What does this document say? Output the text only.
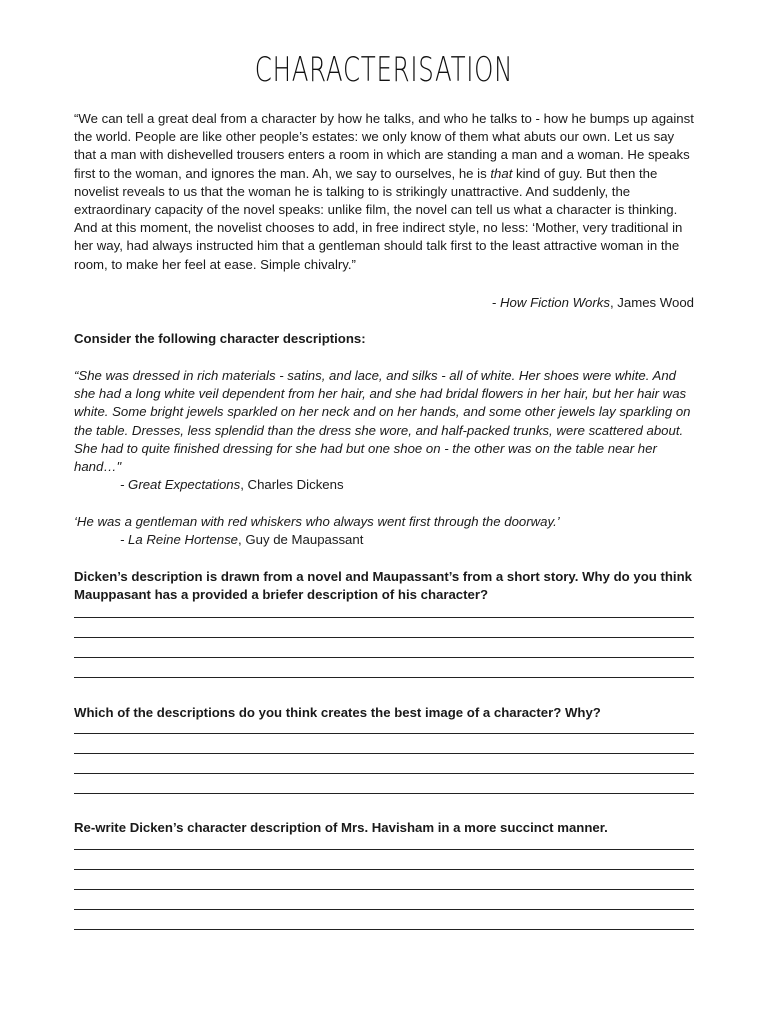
CHARACTERISATION

“We can tell a great deal from a character by how he talks, and who he talks to - how he bumps up against the world. People are like other people’s estates: we only know of them what abuts our own. Let us say that a man with dishevelled trousers enters a room in which are standing a man and a woman. He speaks first to the woman, and ignores the man. Ah, we say to ourselves, he is that kind of guy. But then the novelist reveals to us that the woman he is talking to is strikingly unattractive. And suddenly, the extraordinary capacity of the novel speaks: unlike film, the novel can tell us what a character is thinking. And at this moment, the novelist chooses to add, in free indirect style, no less: ‘Mother, very traditional in her way, had always instructed him that a gentleman should talk first to the least attractive woman in the room, to make her feel at ease. Simple chivalry.”

- How Fiction Works, James Wood
Consider the following character descriptions:

“She was dressed in rich materials - satins, and lace, and silks - all of white. Her shoes were white. And she had a long white veil dependent from her hair, and she had bridal flowers in her hair, but her hair was white. Some bright jewels sparkled on her neck and on her hands, and some other jewels lay sparkling on the table. Dresses, less splendid than the dress she wore, and half-packed trunks, were scattered about. She had to quite finished dressing for she had but one shoe on - the other was on the table near her hand…"

- Great Expectations, Charles Dickens
‘He was a gentleman with red whiskers who always went first through the doorway.’
- La Reine Hortense, Guy de Maupassant
Dicken’s description is drawn from a novel and Maupassant’s from a short story. Why do you think Mauppasant has a provided a briefer description of his character?
Which of the descriptions do you think creates the best image of a character? Why?
Re-write Dicken’s character description of Mrs. Havisham in a more succinct manner.
